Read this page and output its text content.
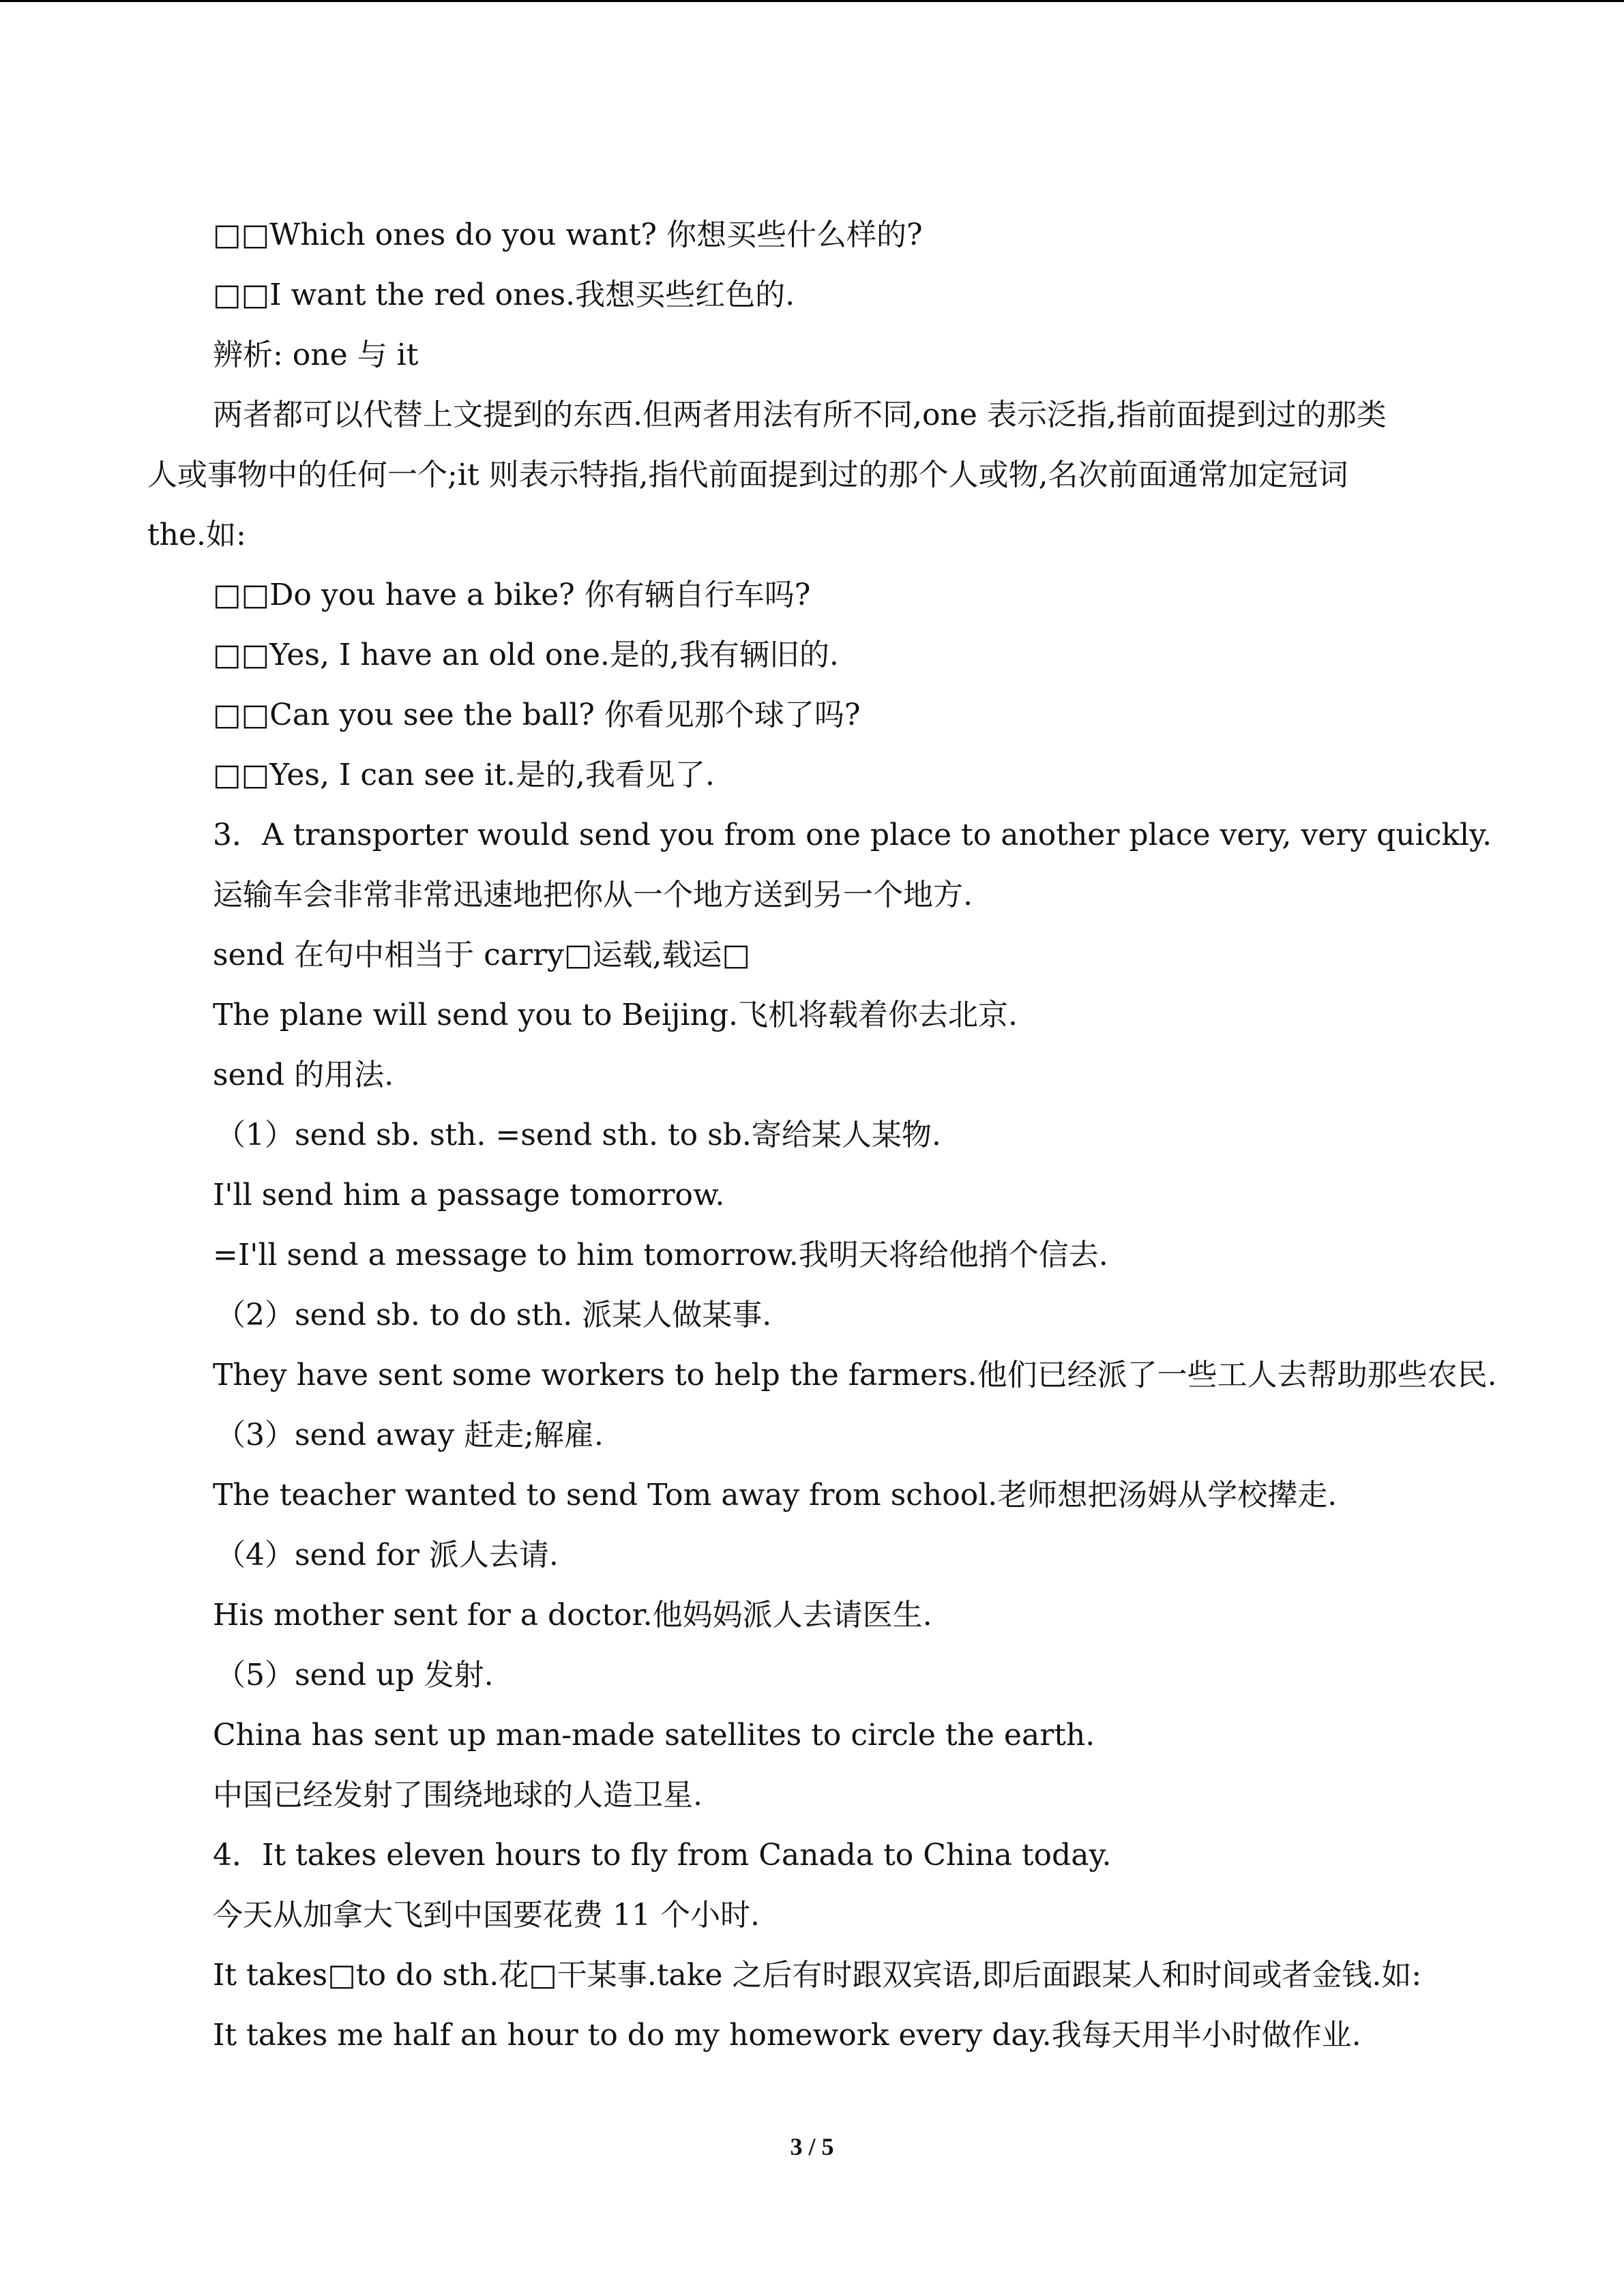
□□Which ones do you want? 你想买些什么样的?
□□I want the red ones.我想买些红色的.
辨析: one 与 it
两者都可以代替上文提到的东西.但两者用法有所不同,one 表示泛指,指前面提到过的那类
人或事物中的任何一个;it 则表示特指,指代前面提到过的那个人或物,名次前面通常加定冠词
the.如:
□□Do you have a bike? 你有辆自行车吗?
□□Yes, I have an old one.是的,我有辆旧的.
□□Can you see the ball? 你看见那个球了吗?
□□Yes, I can see it.是的,我看见了.
3．A transporter would send you from one place to another place very, very quickly.
运输车会非常非常迅速地把你从一个地方送到另一个地方.
send 在句中相当于 carry□运载,载运□
The plane will send you to Beijing.飞机将载着你去北京.
send 的用法.
（1）send sb. sth. =send sth. to sb.寄给某人某物.
I'll send him a passage tomorrow.
=I'll send a message to him tomorrow.我明天将给他捎个信去.
（2）send sb. to do sth. 派某人做某事.
They have sent some workers to help the farmers.他们已经派了一些工人去帮助那些农民.
（3）send away 赶走;解雇.
The teacher wanted to send Tom away from school.老师想把汤姆从学校撵走.
（4）send for 派人去请.
His mother sent for a doctor.他妈妈派人去请医生.
（5）send up 发射.
China has sent up man-made satellites to circle the earth.
中国已经发射了围绕地球的人造卫星.
4．It takes eleven hours to fly from Canada to China today.
今天从加拿大飞到中国要花费 11 个小时.
It takes□to do sth.花□干某事.take 之后有时跟双宾语,即后面跟某人和时间或者金钱.如:
It takes me half an hour to do my homework every day.我每天用半小时做作业.
3 / 5
